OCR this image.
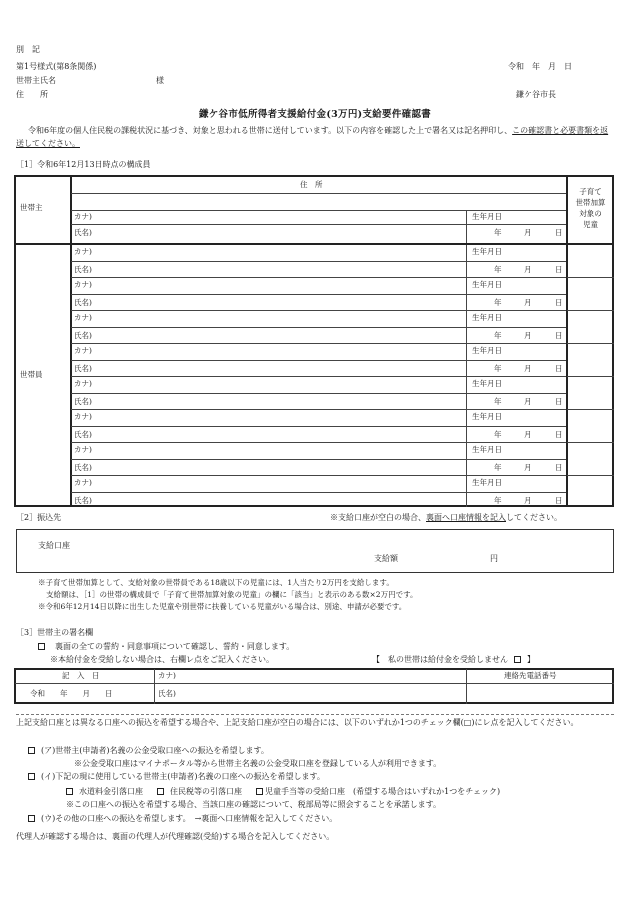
別　記
第1号様式(第8条関係)	令和　年　月　日
世帯主氏名	様
住　　所	鎌ケ谷市長
鎌ケ谷市低所得者支援給付金(3万円)支給要件確認書
令和6年度の個人住民税の課税状況に基づき、対象と思われる世帯に送付しています。以下の内容を確認した上で署名又は記名押印し、この確認書と必要書類を返送してください。
［1］令和6年12月13日時点の構成員
世帯主
住　所
カナ)	生年月日
氏名)	年	月	日
子育て
世帯加算
対象の
児童
世帯員
カナ)	生年月日
氏名)	年	月	日
カナ)	生年月日
氏名)	年	月	日
カナ)	生年月日
氏名)	年	月	日
カナ)	生年月日
氏名)	年	月	日
カナ)	生年月日
氏名)	年	月	日
カナ)	生年月日
氏名)	年	月	日
カナ)	生年月日
氏名)	年	月	日
カナ)	生年月日
氏名)	年	月	日
［2］振込先	※支給口座が空白の場合、裏面へ口座情報を記入してください。
支給口座
支給額	円
※子育て世帯加算として、支給対象の世帯員である18歳以下の児童には、1人当たり2万円を支給します。
支給額は、［1］の世帯の構成員で「子育て世帯加算対象の児童」の欄に「該当」と表示のある数×2万円です。
※令和6年12月14日以降に出生した児童や別世帯に扶養している児童がいる場合は、別途、申請が必要です。
［3］世帯主の署名欄
裏面の全ての誓約・同意事項について確認し、誓約・同意します。
※本給付金を受給しない場合は、右欄レ点をご記入ください。	【　私の世帯は給付金を受給しません 】
記　入　日	カナ)	連絡先電話番号
令和　　年　　月　　日	氏名)
上記支給口座とは異なる口座への振込を希望する場合や、上記支給口座が空白の場合には、以下のいずれか1つのチェック欄(□)にレ点を記入してください。
(ア)世帯主(申請者)名義の公金受取口座への振込を希望します。
※公金受取口座はマイナポータル等から世帯主名義の公金受取口座を登録している人が利用できます。
(イ)下記の現に使用している世帯主(申請者)名義の口座への振込を希望します。
水道料金引落口座	住民税等の引落口座	児童手当等の受給口座　(希望する場合はいずれか1つをチェック)
※この口座への振込を希望する場合、当該口座の確認について、税部局等に照会することを承諾します。
(ウ)その他の口座への振込を希望します。　→裏面へ口座情報を記入してください。
代理人が確認する場合は、裏面の代理人が代理確認(受給)する場合を記入してください。
